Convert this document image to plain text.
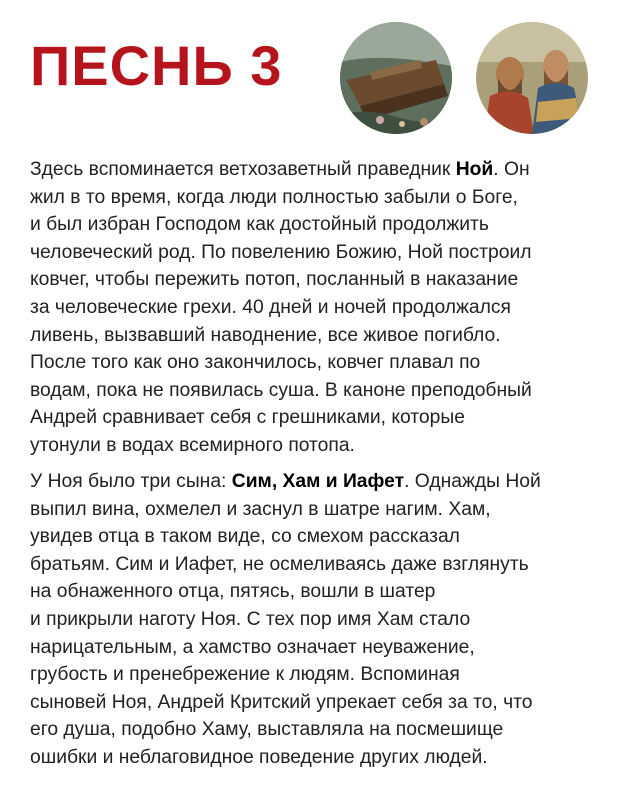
ПЕСНЬ 3
Здесь вспоминается ветхозаветный праведник Ной. Он
жил в то время, когда люди полностью забыли о Боге,
и был избран Господом как достойный продолжить
человеческий род. По повелению Божию, Ной построил
ковчег, чтобы пережить потоп, посланный в наказание
за человеческие грехи. 40 дней и ночей продолжался
ливень, вызвавший наводнение, все живое погибло.
После того как оно закончилось, ковчег плавал по
водам, пока не появилась суша. В каноне преподобный
Андрей сравнивает себя с грешниками, которые
утонули в водах всемирного потопа.
У Ноя было три сына: Сим, Хам и Иафет. Однажды Ной
выпил вина, охмелел и заснул в шатре нагим. Хам,
увидев отца в таком виде, со смехом рассказал
братьям. Сим и Иафет, не осмеливаясь даже взглянуть
на обнаженного отца, пятясь, вошли в шатер
и прикрыли наготу Ноя. С тех пор имя Хам стало
нарицательным, а хамство означает неуважение,
грубость и пренебрежение к людям. Вспоминая
сыновей Ноя, Андрей Критский упрекает себя за то, что
его душа, подобно Хаму, выставляла на посмешище
ошибки и неблаговидное поведение других людей.
